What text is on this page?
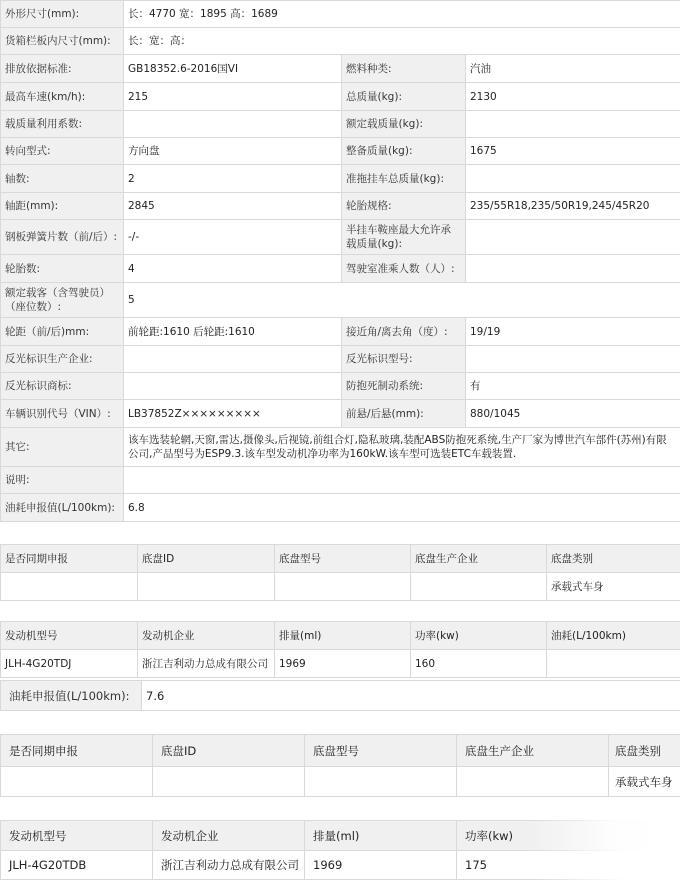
外形尺寸(mm):	长：4770 宽：1895 高：1689		
货箱栏板内尺寸(mm):	长：宽：高：		
排放依据标准:	GB18352.6-2016国VI	燃料种类:	汽油
最高车速(km/h):	215	总质量(kg):	2130
载质量利用系数:		额定载质量(kg):	
转向型式:	方向盘	整备质量(kg):	1675
轴数:	2	准拖挂车总质量(kg):	
轴距(mm):	2845	轮胎规格:	235/55R18,235/50R19,245/45R20
钢板弹簧片数（前/后）:	-/-	半挂车鞍座最大允许承载质量(kg):	
轮胎数:	4	驾驶室准乘人数（人）:	
额定载客（含驾驶员）（座位数）:	5		
轮距（前/后)mm:	前轮距:1610 后轮距:1610	接近角/离去角（度）:	19/19
反光标识生产企业:		反光标识型号:	
反光标识商标:		防抱死制动系统:	有
车辆识别代号（VIN）:	LB37852Z×××××××××	前悬/后悬(mm):	880/1045
其它:	该车选装轮辋,天窗,雷达,摄像头,后视镜,前组合灯,隐私玻璃,装配ABS防抱死系统,生产厂家为博世汽车部件(苏州)有限公司,产品型号为ESP9.3.该车型发动机净功率为160kW.该车型可选装ETC车载装置.		
说明:			
油耗申报值(L/100km):	6.8		
是否同期申报	底盘ID	底盘型号	底盘生产企业	底盘类别
				承载式车身
发动机型号	发动机企业	排量(ml)	功率(kw)	油耗(L/100km)
JLH-4G20TDJ	浙江吉利动力总成有限公司	1969	160	
油耗申报值(L/100km):	7.6
是否同期申报	底盘ID	底盘型号	底盘生产企业	底盘类别
				承载式车身
发动机型号	发动机企业	排量(ml)	功率(kw)
JLH-4G20TDB	浙江吉利动力总成有限公司	1969	175
